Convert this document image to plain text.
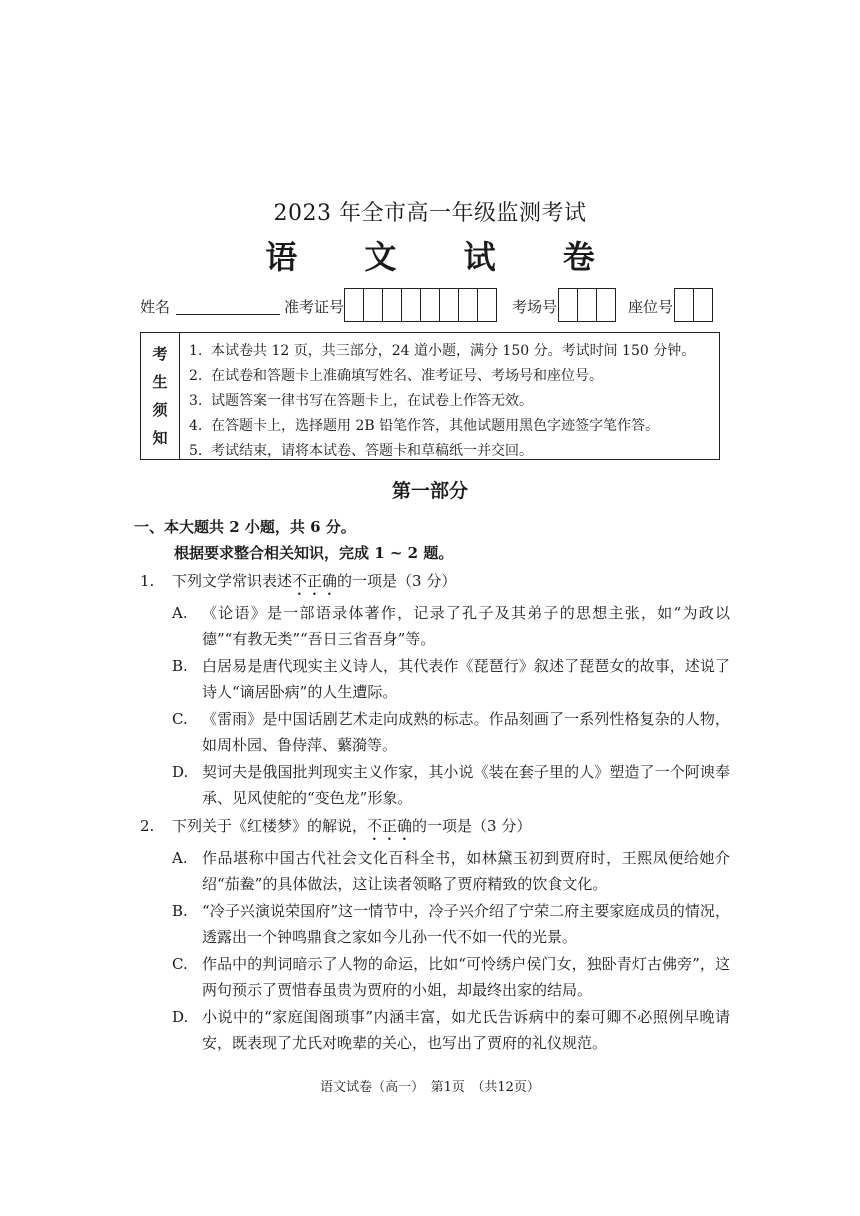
2023 年全市高一年级监测考试
语 文 试 卷
姓名	准考证号	考场号	座位号
考
生
须
知
1. 本试卷共 12 页，共三部分，24 道小题，满分 150 分。考试时间 150 分钟。
2. 在试卷和答题卡上准确填写姓名、准考证号、考场号和座位号。
3. 试题答案一律书写在答题卡上，在试卷上作答无效。
4. 在答题卡上，选择题用 2B 铅笔作答，其他试题用黑色字迹签字笔作答。
5. 考试结束，请将本试卷、答题卡和草稿纸一并交回。
第一部分
一、本大题共 2 小题，共 6 分。
根据要求整合相关知识，完成 1 ~ 2 题。
1. 下列文学常识表述不正确的一项是（3 分）
A. 《论语》是一部语录体著作，记录了孔子及其弟子的思想主张，如“为政以德”“有教无类”“吾日三省吾身”等。
B. 白居易是唐代现实主义诗人，其代表作《琵琶行》叙述了琵琶女的故事，述说了诗人“谪居卧病”的人生遭际。
C. 《雷雨》是中国话剧艺术走向成熟的标志。作品刻画了一系列性格复杂的人物，如周朴园、鲁侍萍、蘩漪等。
D. 契诃夫是俄国批判现实主义作家，其小说《装在套子里的人》塑造了一个阿谀奉承、见风使舵的“变色龙”形象。
2. 下列关于《红楼梦》的解说，不正确的一项是（3 分）
A. 作品堪称中国古代社会文化百科全书，如林黛玉初到贾府时，王熙凤便给她介绍“茄鲞”的具体做法，这让读者领略了贾府精致的饮食文化。
B. “冷子兴演说荣国府”这一情节中，冷子兴介绍了宁荣二府主要家庭成员的情况，透露出一个钟鸣鼎食之家如今儿孙一代不如一代的光景。
C. 作品中的判词暗示了人物的命运，比如“可怜绣户侯门女，独卧青灯古佛旁”，这两句预示了贾惜春虽贵为贾府的小姐，却最终出家的结局。
D. 小说中的“家庭闺阁琐事”内涵丰富，如尤氏告诉病中的秦可卿不必照例早晚请安，既表现了尤氏对晚辈的关心，也写出了贾府的礼仪规范。
语文试卷（高一）　第1页　（共12页）
